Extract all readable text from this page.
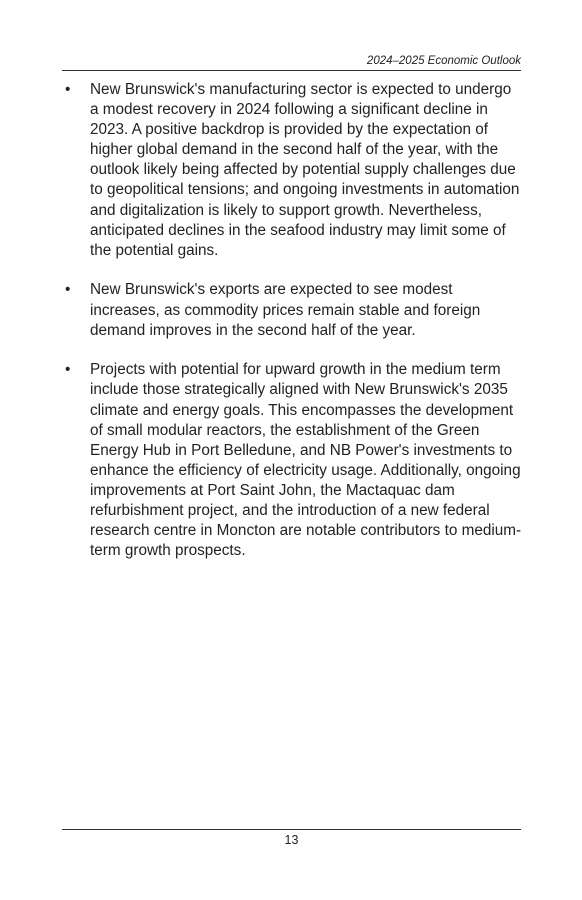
2024–2025 Economic Outlook
• New Brunswick's manufacturing sector is expected to undergo a modest recovery in 2024 following a significant decline in 2023. A positive backdrop is provided by the expectation of higher global demand in the second half of the year, with the outlook likely being affected by potential supply challenges due to geopolitical tensions; and ongoing investments in automation and digitalization is likely to support growth. Nevertheless, anticipated declines in the seafood industry may limit some of the potential gains.
• New Brunswick's exports are expected to see modest increases, as commodity prices remain stable and foreign demand improves in the second half of the year.
• Projects with potential for upward growth in the medium term include those strategically aligned with New Brunswick's 2035 climate and energy goals. This encompasses the development of small modular reactors, the establishment of the Green Energy Hub in Port Belledune, and NB Power's investments to enhance the efficiency of electricity usage. Additionally, ongoing improvements at Port Saint John, the Mactaquac dam refurbishment project, and the introduction of a new federal research centre in Moncton are notable contributors to medium-term growth prospects.
13
